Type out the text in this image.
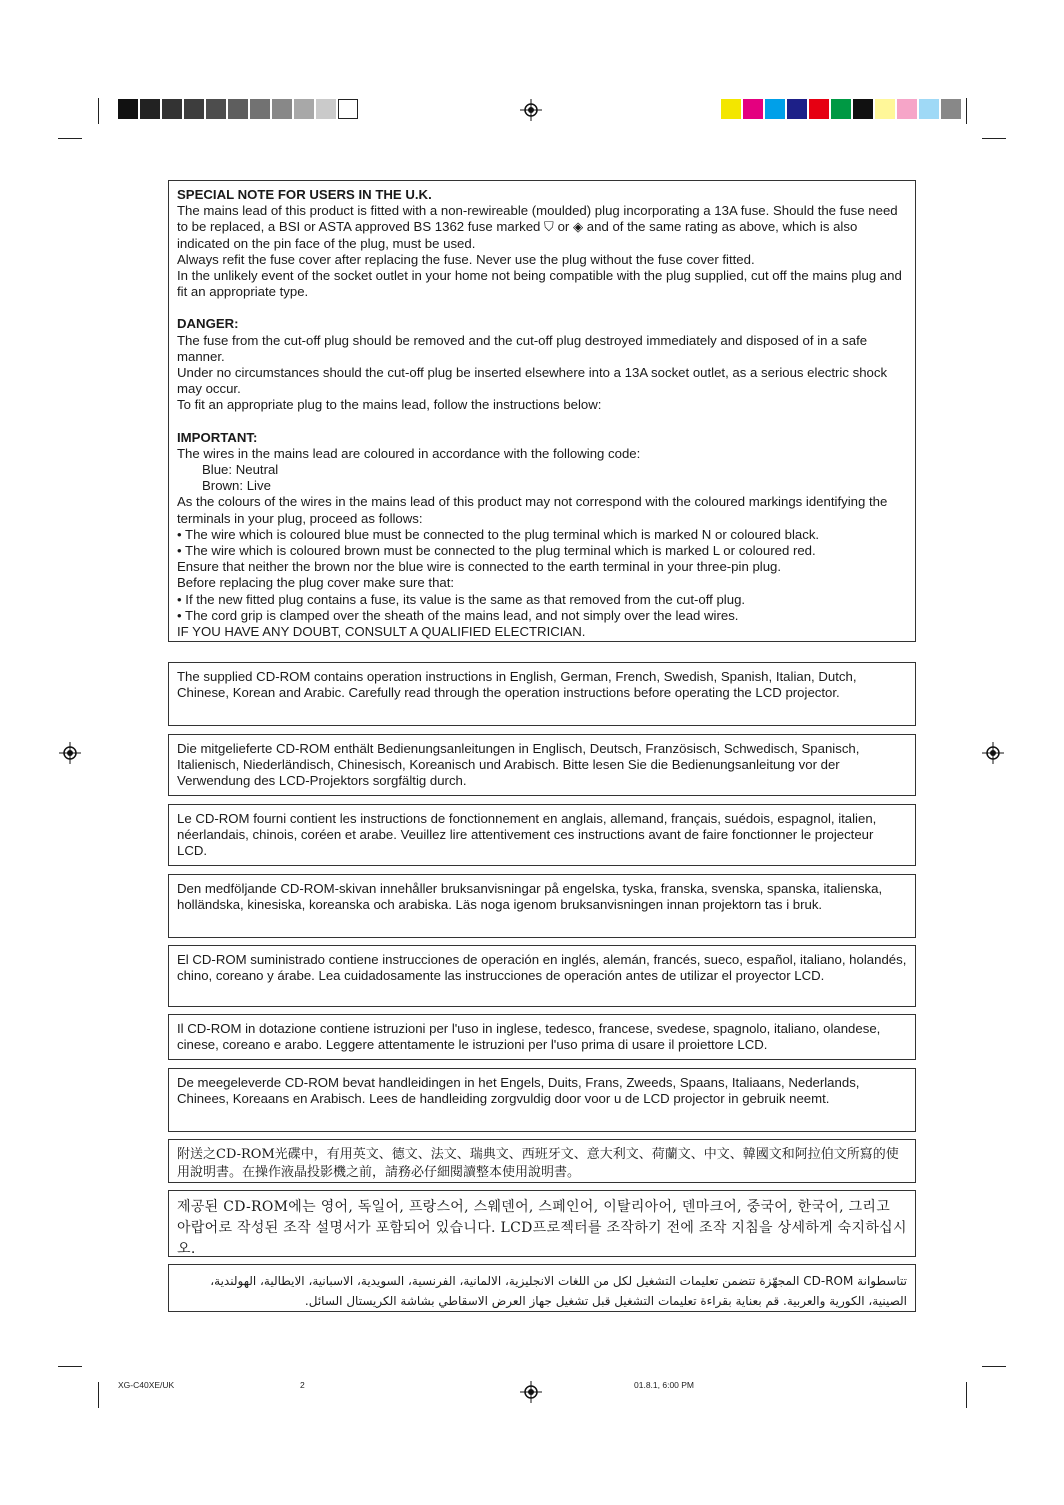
SPECIAL NOTE FOR USERS IN THE U.K.

The mains lead of this product is fitted with a non-rewireable (moulded) plug incorporating a 13A fuse. Should the fuse need to be replaced, a BSI or ASTA approved BS 1362 fuse marked ⛉ or ◈ and of the same rating as above, which is also indicated on the pin face of the plug, must be used.

Always refit the fuse cover after replacing the fuse. Never use the plug without the fuse cover fitted.

In the unlikely event of the socket outlet in your home not being compatible with the plug supplied, cut off the mains plug and fit an appropriate type.

DANGER:

The fuse from the cut-off plug should be removed and the cut-off plug destroyed immediately and disposed of in a safe manner.

Under no circumstances should the cut-off plug be inserted elsewhere into a 13A socket outlet, as a serious electric shock may occur.

To fit an appropriate plug to the mains lead, follow the instructions below:

IMPORTANT:

The wires in the mains lead are coloured in accordance with the following code:

Blue: Neutral

Brown: Live

As the colours of the wires in the mains lead of this product may not correspond with the coloured markings identifying the terminals in your plug, proceed as follows:

• The wire which is coloured blue must be connected to the plug terminal which is marked N or coloured black.

• The wire which is coloured brown must be connected to the plug terminal which is marked L or coloured red.

Ensure that neither the brown nor the blue wire is connected to the earth terminal in your three-pin plug.

Before replacing the plug cover make sure that:

• If the new fitted plug contains a fuse, its value is the same as that removed from the cut-off plug.

• The cord grip is clamped over the sheath of the mains lead, and not simply over the lead wires.

IF YOU HAVE ANY DOUBT, CONSULT A QUALIFIED ELECTRICIAN.

The supplied CD-ROM contains operation instructions in English, German, French, Swedish, Spanish, Italian, Dutch, Chinese, Korean and Arabic. Carefully read through the operation instructions before operating the LCD projector.

Die mitgelieferte CD-ROM enthält Bedienungsanleitungen in Englisch, Deutsch, Französisch, Schwedisch, Spanisch, Italienisch, Niederländisch, Chinesisch, Koreanisch und Arabisch. Bitte lesen Sie die Bedienungsanleitung vor der Verwendung des LCD-Projektors sorgfältig durch.

Le CD-ROM fourni contient les instructions de fonctionnement en anglais, allemand, français, suédois, espagnol, italien, néerlandais, chinois, coréen et arabe. Veuillez lire attentivement ces instructions avant de faire fonctionner le projecteur LCD.

Den medföljande CD-ROM-skivan innehåller bruksanvisningar på engelska, tyska, franska, svenska, spanska, italienska, holländska, kinesiska, koreanska och arabiska. Läs noga igenom bruksanvisningen innan projektorn tas i bruk.

El CD-ROM suministrado contiene instrucciones de operación en inglés, alemán, francés, sueco, español, italiano, holandés, chino, coreano y árabe. Lea cuidadosamente las instrucciones de operación antes de utilizar el proyector LCD.

Il CD-ROM in dotazione contiene istruzioni per l'uso in inglese, tedesco, francese, svedese, spagnolo, italiano, olandese, cinese, coreano e arabo. Leggere attentamente le istruzioni per l'uso prima di usare il proiettore LCD.

De meegeleverde CD-ROM bevat handleidingen in het Engels, Duits, Frans, Zweeds, Spaans, Italiaans, Nederlands, Chinees, Koreaans en Arabisch. Lees de handleiding zorgvuldig door voor u de LCD projector in gebruik neemt.

附送之CD-ROM光碟中，有用英文、德文、法文、瑞典文、西班牙文、意大利文、荷蘭文、中文、韓國文和阿拉伯文所寫的使用說明書。在操作液晶投影機之前，請務必仔細閱讀整本使用說明書。

제공된 CD-ROM에는 영어, 독일어, 프랑스어, 스웨덴어, 스페인어, 이탈리아어, 덴마크어, 중국어, 한국어, 그리고 아랍어로 작성된 조작 설명서가 포함되어 있습니다. LCD프로젝터를 조작하기 전에 조작 지침을 상세하게 숙지하십시오.

تتاسطوانة CD-ROM المجهّزة تتضمن تعليمات التشغيل لكل من اللغات الانجليزية، الالمانية، الفرنسية، السويدية، الاسبانية، الايطالية، الهولندية، الصينية، الكورية والعربية. قم بعناية بقراءة تعليمات التشغيل قبل تشغيل جهاز العرض الاسقاطي بشاشة الكريستال السائل.

XG-C40XE/UK	2	01.8.1, 6:00 PM
